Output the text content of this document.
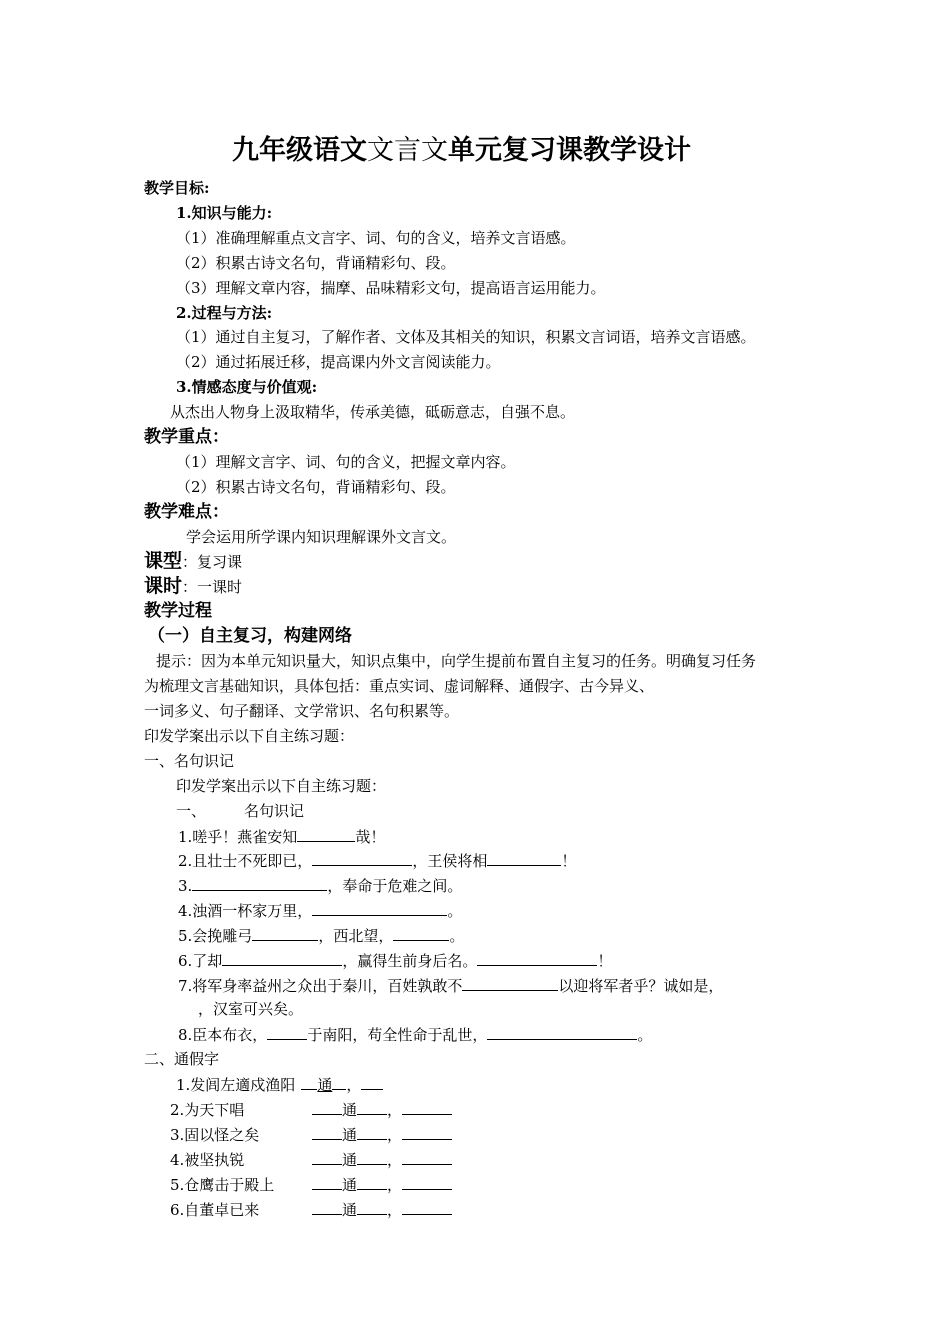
九年级语文文言文单元复习课教学设计
教学目标:
1.知识与能力:
（1）准确理解重点文言字、词、句的含义，培养文言语感。
（2）积累古诗文名句，背诵精彩句、段。
（3）理解文章内容，揣摩、品味精彩文句，提高语言运用能力。
2.过程与方法:
（1）通过自主复习，了解作者、文体及其相关的知识，积累文言词语，培养文言语感。
（2）通过拓展迁移，提高课内外文言阅读能力。
3.情感态度与价值观:
从杰出人物身上汲取精华，传承美德，砥砺意志，自强不息。
教学重点：
（1）理解文言字、词、句的含义，把握文章内容。
（2）积累古诗文名句，背诵精彩句、段。
教学难点：
学会运用所学课内知识理解课外文言文。
课型：复习课
课时：一课时
教学过程
（一）自主复习，构建网络
提示：因为本单元知识量大，知识点集中，向学生提前布置自主复习的任务。明确复习任务
为梳理文言基础知识，具体包括：重点实词、虚词解释、通假字、古今异义、
一词多义、句子翻译、文学常识、名句积累等。
印发学案出示以下自主练习题：
一、名句识记
印发学案出示以下自主练习题：
一、	名句识记
1.嗟乎！燕雀安知	哉！
2.且壮士不死即已，	，王侯将相	！
3.	，奉命于危难之间。
4.浊酒一杯家万里，	。
5.会挽雕弓	，西北望，	。
6.了却	，赢得生前身后名。	！
7.将军身率益州之众出于秦川，百姓孰敢不	以迎将军者乎？诚如是，
，汉室可兴矣。
8.臣本布衣，	于南阳，苟全性命于乱世，	。
二、通假字
1.发闾左適戍渔阳 通 ，
2.为天下唱	通 ，
3.固以怪之矣	通 ，
4.被坚执锐	通 ，
5.仓鹰击于殿上	通 ，
6.自董卓已来	通 ，
